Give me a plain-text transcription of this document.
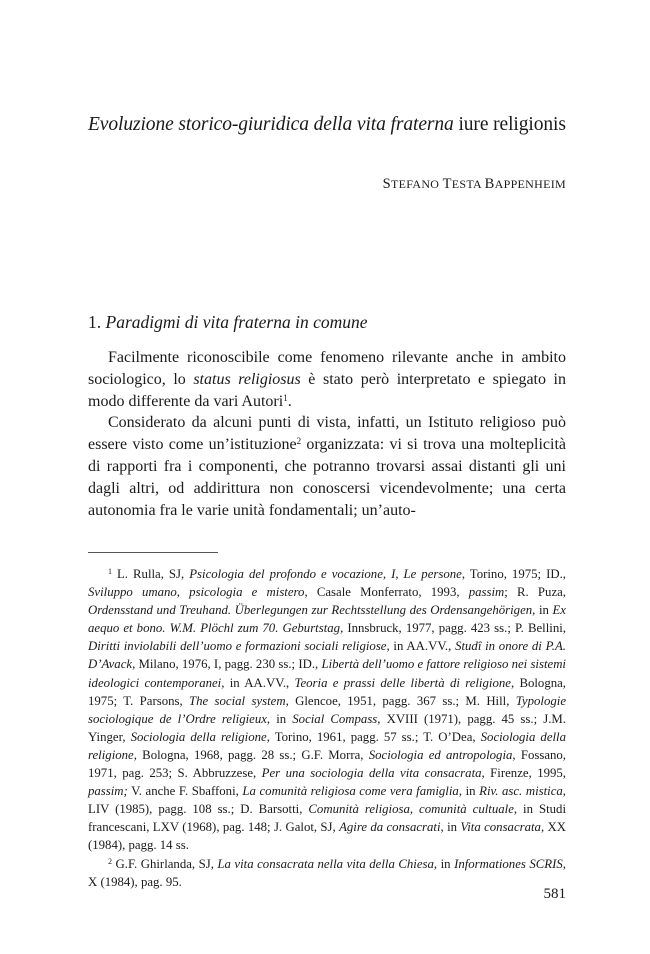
Evoluzione storico-giuridica della vita fraterna iure religionis
STEFANO TESTA BAPPENHEIM
1. Paradigmi di vita fraterna in comune

Facilmente riconoscibile come fenomeno rilevante anche in ambito sociologico, lo status religiosus è stato però interpretato e spiegato in modo differente da vari Autori$^1$.

Considerato da alcuni punti di vista, infatti, un Istituto religioso può essere visto come un’istituzione$^2$ organizzata: vi si trova una molteplicità di rapporti fra i componenti, che potranno trovarsi assai distanti gli uni dagli altri, od addirittura non conoscersi vicendevolmente; una certa autonomia fra le varie unità fondamentali; un’auto-

$^1$ L. Rulla, SJ, Psicologia del profondo e vocazione, I, Le persone, Torino, 1975; ID., Sviluppo umano, psicologia e mistero, Casale Monferrato, 1993, passim; R. Puza, Ordensstand und Treuhand. Überlegungen zur Rechtsstellung des Ordensangehörigen, in Ex aequo et bono. W.M. Plöchl zum 70. Geburtstag, Innsbruck, 1977, pagg. 423 ss.; P. Bellini, Diritti inviolabili dell’uomo e formazioni sociali religiose, in AA.VV., Studî in onore di P.A. D’Avack, Milano, 1976, I, pagg. 230 ss.; ID., Libertà dell’uomo e fattore religioso nei sistemi ideologici contemporanei, in AA.VV., Teoria e prassi delle libertà di religione, Bologna, 1975; T. Parsons, The social system, Glencoe, 1951, pagg. 367 ss.; M. Hill, Typologie sociologique de l’Ordre religieux, in Social Compass, XVIII (1971), pagg. 45 ss.; J.M. Yinger, Sociologia della religione, Torino, 1961, pagg. 57 ss.; T. O’Dea, Sociologia della religione, Bologna, 1968, pagg. 28 ss.; G.F. Morra, Sociologia ed antropologia, Fossano, 1971, pag. 253; S. Abbruzzese, Per una sociologia della vita consacrata, Firenze, 1995, passim; V. anche F. Sbaffoni, La comunità religiosa come vera famiglia, in Riv. asc. mistica, LIV (1985), pagg. 108 ss.; D. Barsotti, Comunità religiosa, comunità cultuale, in Studi francescani, LXV (1968), pag. 148; J. Galot, SJ, Agire da consacrati, in Vita consacrata, XX (1984), pagg. 14 ss.

$^2$ G.F. Ghirlanda, SJ, La vita consacrata nella vita della Chiesa, in Informationes SCRIS, X (1984), pag. 95.

581
